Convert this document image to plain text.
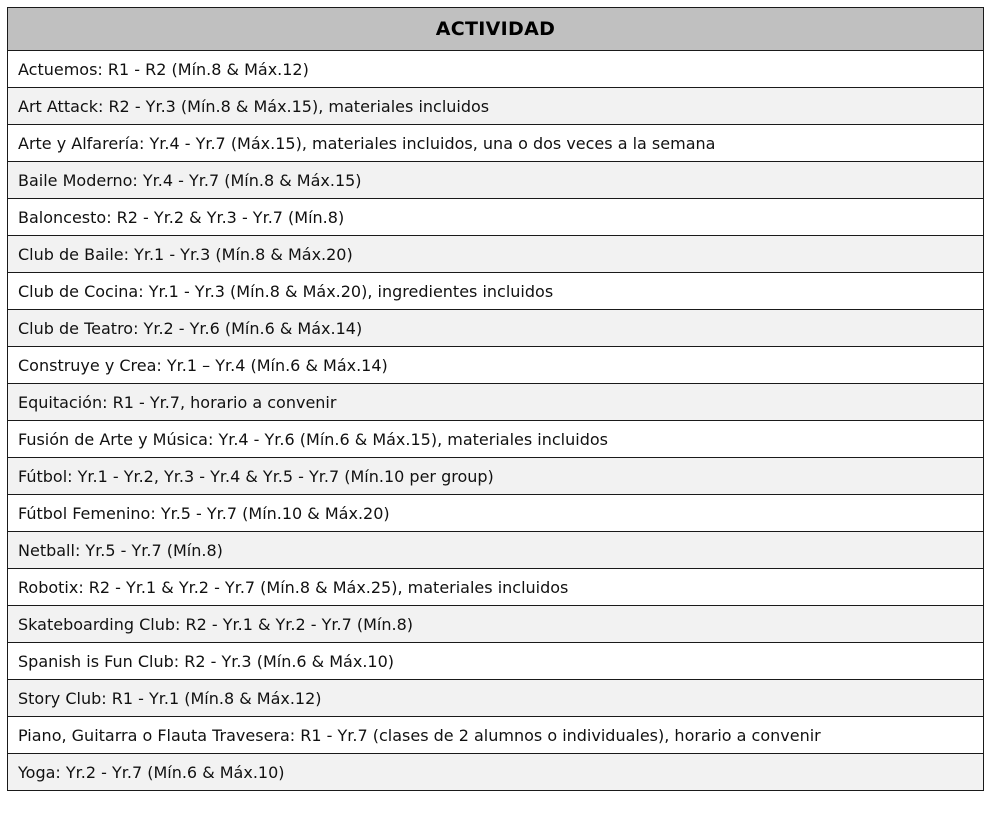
ACTIVIDAD
Actuemos: R1 - R2 (Mín.8 & Máx.12)
Art Attack: R2 - Yr.3 (Mín.8 & Máx.15), materiales incluidos
Arte y Alfarería: Yr.4 - Yr.7 (Máx.15), materiales incluidos, una o dos veces a la semana
Baile Moderno: Yr.4 - Yr.7 (Mín.8 & Máx.15)
Baloncesto: R2 - Yr.2 & Yr.3 - Yr.7 (Mín.8)
Club de Baile: Yr.1 - Yr.3 (Mín.8 & Máx.20)
Club de Cocina: Yr.1 - Yr.3 (Mín.8 & Máx.20), ingredientes incluidos
Club de Teatro: Yr.2 - Yr.6 (Mín.6 & Máx.14)
Construye y Crea: Yr.1 – Yr.4 (Mín.6 & Máx.14)
Equitación: R1 - Yr.7, horario a convenir
Fusión de Arte y Música: Yr.4 - Yr.6 (Mín.6 & Máx.15), materiales incluidos
Fútbol: Yr.1 - Yr.2, Yr.3 - Yr.4 & Yr.5 - Yr.7 (Mín.10 per group)
Fútbol Femenino: Yr.5 - Yr.7 (Mín.10 & Máx.20)
Netball: Yr.5 - Yr.7 (Mín.8)
Robotix: R2 - Yr.1 & Yr.2 - Yr.7 (Mín.8 & Máx.25), materiales incluidos
Skateboarding Club: R2 - Yr.1 & Yr.2 - Yr.7 (Mín.8)
Spanish is Fun Club: R2 - Yr.3 (Mín.6 & Máx.10)
Story Club: R1 - Yr.1 (Mín.8 & Máx.12)
Piano, Guitarra o Flauta Travesera: R1 - Yr.7 (clases de 2 alumnos o individuales), horario a convenir
Yoga: Yr.2 - Yr.7 (Mín.6 & Máx.10)
